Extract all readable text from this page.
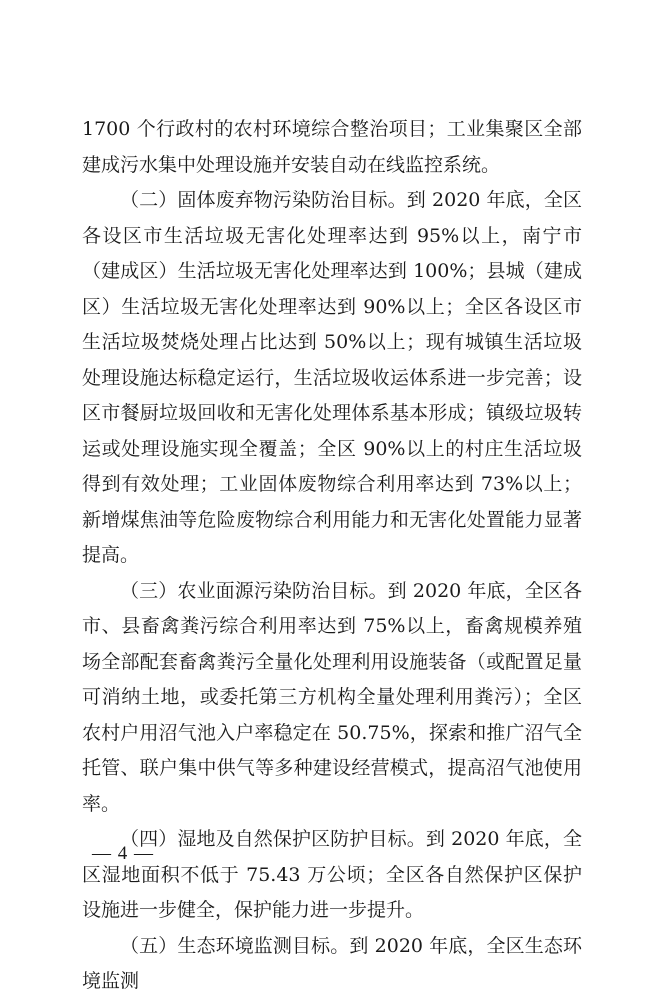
1700 个行政村的农村环境综合整治项目；工业集聚区全部建成污水集中处理设施并安装自动在线监控系统。

（二）固体废弃物污染防治目标。到 2020 年底，全区各设区市生活垃圾无害化处理率达到 95%以上，南宁市（建成区）生活垃圾无害化处理率达到 100%；县城（建成区）生活垃圾无害化处理率达到 90%以上；全区各设区市生活垃圾焚烧处理占比达到 50%以上；现有城镇生活垃圾处理设施达标稳定运行，生活垃圾收运体系进一步完善；设区市餐厨垃圾回收和无害化处理体系基本形成；镇级垃圾转运或处理设施实现全覆盖；全区 90%以上的村庄生活垃圾得到有效处理；工业固体废物综合利用率达到 73%以上；新增煤焦油等危险废物综合利用能力和无害化处置能力显著提高。

（三）农业面源污染防治目标。到 2020 年底，全区各市、县畜禽粪污综合利用率达到 75%以上，畜禽规模养殖场全部配套畜禽粪污全量化处理利用设施装备（或配置足量可消纳土地，或委托第三方机构全量处理利用粪污）；全区农村户用沼气池入户率稳定在 50.75%，探索和推广沼气全托管、联户集中供气等多种建设经营模式，提高沼气池使用率。

（四）湿地及自然保护区防护目标。到 2020 年底，全区湿地面积不低于 75.43 万公顷；全区各自然保护区保护设施进一步健全，保护能力进一步提升。

（五）生态环境监测目标。到 2020 年底，全区生态环境监测

— 4 —
